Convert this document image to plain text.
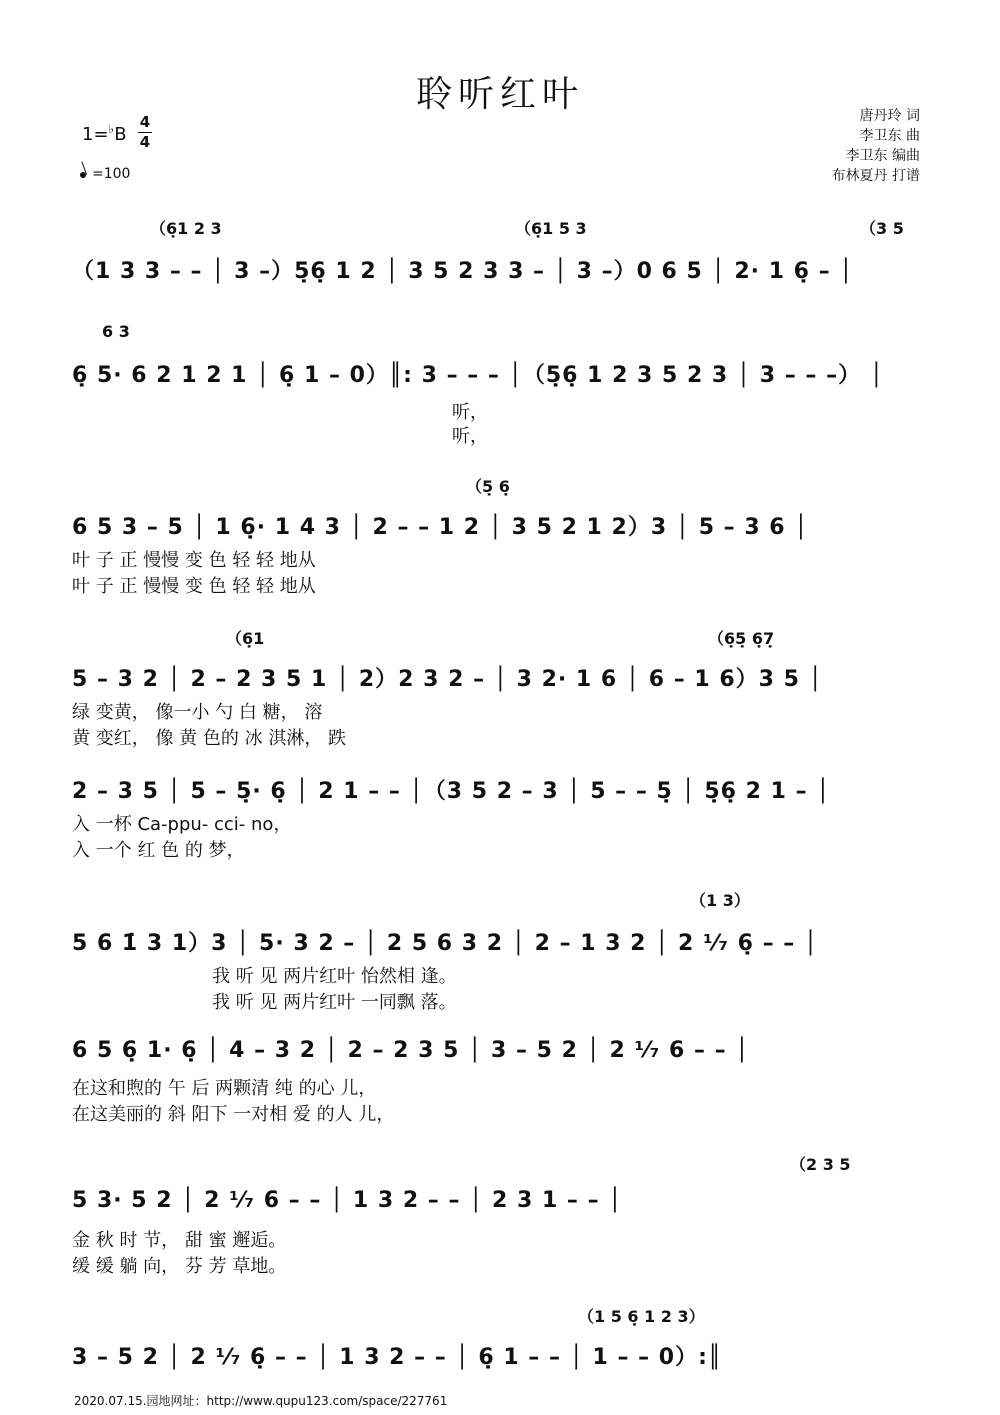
聆听红叶
唐丹玲 词
李卫东 曲
李卫东 编曲
布林夏丹 打谱
1=♭B
4
4
=100
（6̣1 2 3	（6̣1 5 3	（3 5
（1 3 3 – – │ 3 –）5̣6̣ 1 2 │ 3 5 2 3 3 – │ 3 –）0 6 5 │ 2· 1 6̣ – │
6 3
6̣ 5· 6 2 1 2 1 │ 6̣ 1 – 0）║: 3 – – – │（5̣6̣ 1 2 3 5 2 3 │ 3 – – –） │
听，
听，
（5̣ 6̣
6 5 3 – 5 │ 1 6̣· 1 4 3 │ 2 – – 1 2 │ 3 5 2 1 2）3 │ 5 – 3 6 │
叶 子 正 慢慢 变 色 轻 轻 地从
叶 子 正 慢慢 变 色 轻 轻 地从
（6̣1	（6̣5̣ 6̣7̣
5 – 3 2 │ 2 – 2 3 5 1 │ 2）2 3 2 – │ 3 2· 1 6 │ 6 – 1 6）3 5 │
绿 变黄， 像一小 勺 白 糖， 溶
黄 变红， 像 黄 色的 冰 淇淋， 跌
2 – 3 5 │ 5 – 5̣· 6̣ │ 2 1 – – │（3 5 2 – 3 │ 5 – – 5̣ │ 5̣6̣ 2 1 – │
入 一杯 Ca-ppu- cci- no，
入 一个 红 色 的 梦，
（1 3）
5 6 1̇ 3 1）3 │ 5· 3 2 – │ 2 5 6 3 2 │ 2 – 1 3 2 │ 2 ¹⁄₇ 6̣ – – │
我 听 见 两片红叶 怡然相 逢。
我 听 见 两片红叶 一同飘 落。
6 5 6̣ 1· 6̣ │ 4 – 3 2 │ 2 – 2 3 5 │ 3 – 5 2 │ 2 ¹⁄₇ 6 – – │
在这和煦的 午 后 两颗清 纯 的心 儿，
在这美丽的 斜 阳下 一对相 爱 的人 儿，
（2 3 5
5 3· 5 2 │ 2 ¹⁄₇ 6 – – │ 1 3 2 – – │ 2 3 1 – – │
金 秋 时 节， 甜 蜜 邂逅。
缓 缓 躺 向， 芬 芳 草地。
（1 5 6̣ 1 2 3）
3 – 5 2 │ 2 ¹⁄₇ 6̣ – – │ 1 3 2 – – │ 6̣ 1 – – │ 1 – – 0）:║
2020.07.15.园地网址：http://www.qupu123.com/space/227761
